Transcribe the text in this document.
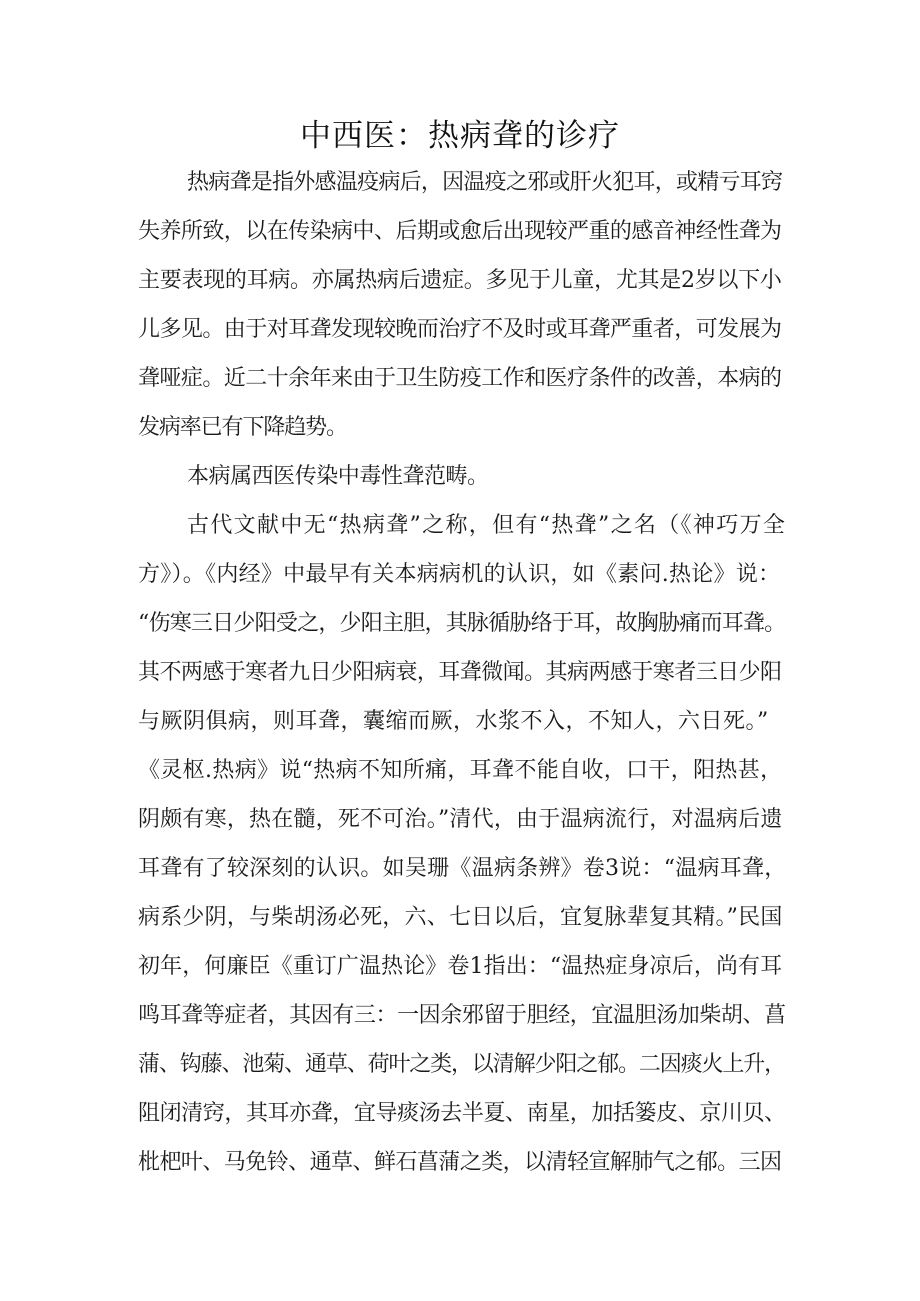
中西医：热病聋的诊疗
热病聋是指外感温疫病后，因温疫之邪或肝火犯耳，或精亏耳窍
失养所致，以在传染病中、后期或愈后出现较严重的感音神经性聋为
主要表现的耳病。亦属热病后遗症。多见于儿童，尤其是2岁以下小
儿多见。由于对耳聋发现较晚而治疗不及时或耳聋严重者，可发展为
聋哑症。近二十余年来由于卫生防疫工作和医疗条件的改善，本病的
发病率已有下降趋势。
本病属西医传染中毒性聋范畴。
古代文献中无“热病聋”之称，但有“热聋”之名（《神巧万全
方》）。《内经》中最早有关本病病机的认识，如《素问.热论》说：
“伤寒三日少阳受之，少阳主胆，其脉循胁络于耳，故胸胁痛而耳聋。
其不两感于寒者九日少阳病衰，耳聋微闻。其病两感于寒者三日少阳
与厥阴俱病，则耳聋，囊缩而厥，水浆不入，不知人，六日死。”
《灵枢.热病》说“热病不知所痛，耳聋不能自收，口干，阳热甚，
阴颇有寒，热在髓，死不可治。”清代，由于温病流行，对温病后遗
耳聋有了较深刻的认识。如吴珊《温病条辨》卷3说：“温病耳聋，
病系少阴，与柴胡汤必死，六、七日以后，宜复脉辈复其精。”民国
初年，何廉臣《重订广温热论》卷1指出：“温热症身凉后，尚有耳
鸣耳聋等症者，其因有三：一因余邪留于胆经，宜温胆汤加柴胡、菖
蒲、钩藤、池菊、通草、荷叶之类，以清解少阳之郁。二因痰火上升，
阻闭清窍，其耳亦聋，宜导痰汤去半夏、南星，加括篓皮、京川贝、
枇杷叶、马免铃、通草、鲜石菖蒲之类，以清轻宣解肺气之郁。三因
